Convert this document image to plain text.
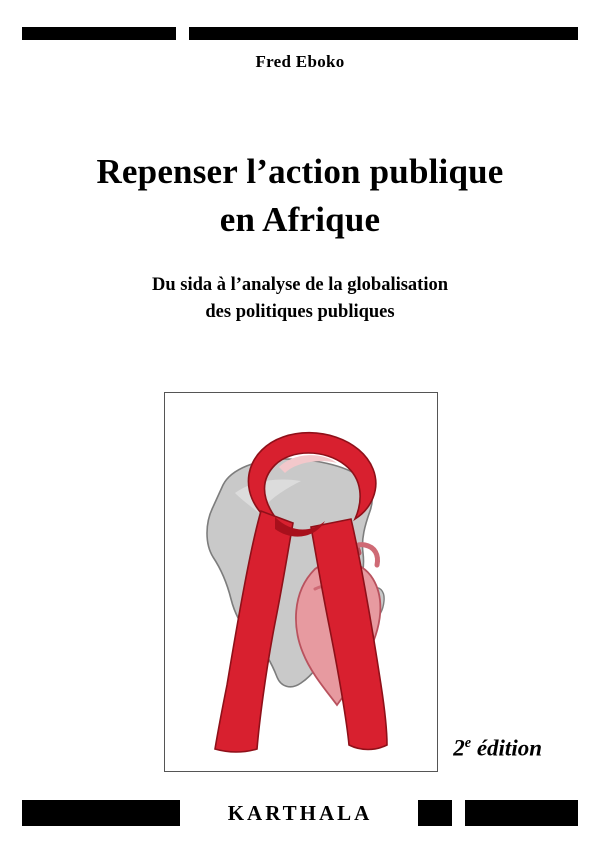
Fred Eboko
Repenser l’action publique
en Afrique
Du sida à l’analyse de la globalisation
des politiques publiques
2e édition
KARTHALA
